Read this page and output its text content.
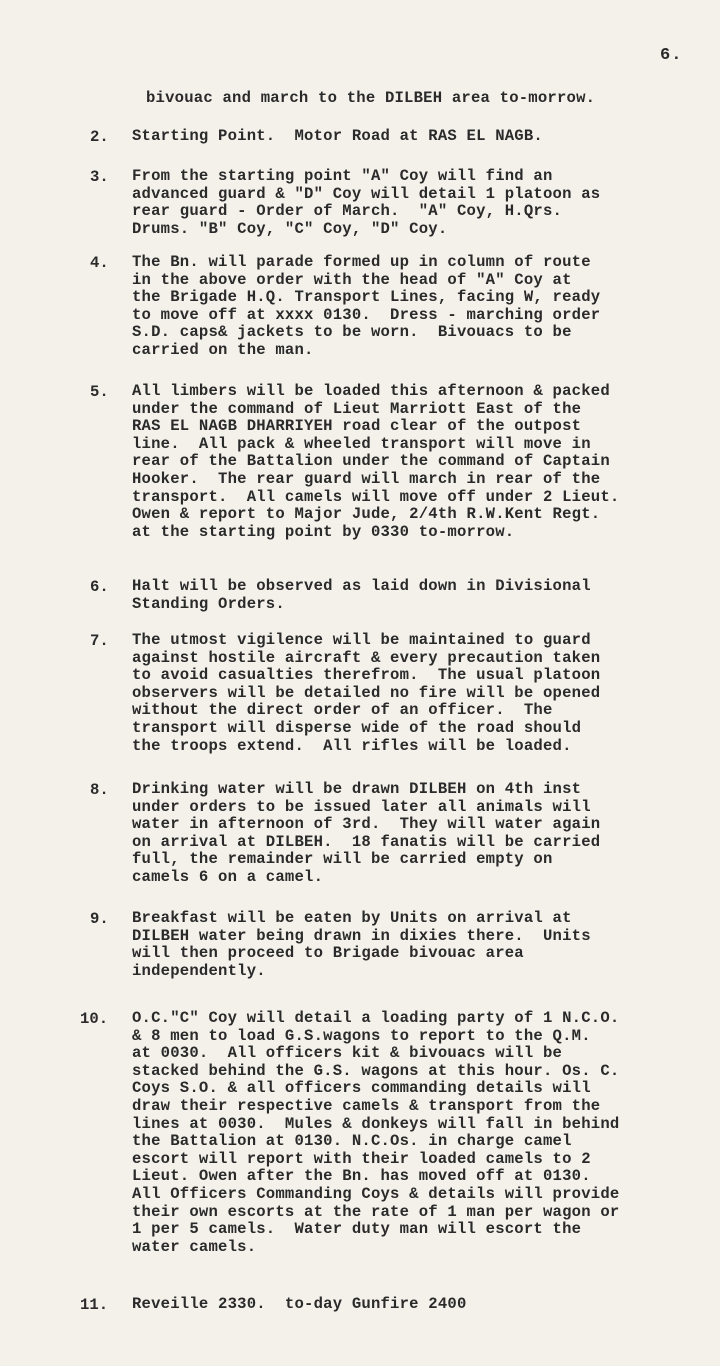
6.
bivouac and march to the DILBEH area to-morrow.
2. Starting Point.  Motor Road at RAS EL NAGB.
3. From the starting point "A" Coy will find an
advanced guard & "D" Coy will detail 1 platoon as
rear guard - Order of March.  "A" Coy, H.Qrs.
Drums. "B" Coy, "C" Coy, "D" Coy.
4. The Bn. will parade formed up in column of route
in the above order with the head of "A" Coy at
the Brigade H.Q. Transport Lines, facing W, ready
to move off at xxxx 0130.  Dress - marching order
S.D. caps& jackets to be worn.  Bivouacs to be
carried on the man.
5. All limbers will be loaded this afternoon & packed
under the command of Lieut Marriott East of the
RAS EL NAGB DHARRIYEH road clear of the outpost
line.  All pack & wheeled transport will move in
rear of the Battalion under the command of Captain
Hooker.  The rear guard will march in rear of the
transport.  All camels will move off under 2 Lieut.
Owen & report to Major Jude, 2/4th R.W.Kent Regt.
at the starting point by 0330 to-morrow.
6. Halt will be observed as laid down in Divisional
Standing Orders.
7. The utmost vigilence will be maintained to guard
against hostile aircraft & every precaution taken
to avoid casualties therefrom.  The usual platoon
observers will be detailed no fire will be opened
without the direct order of an officer.  The
transport will disperse wide of the road should
the troops extend.  All rifles will be loaded.
8. Drinking water will be drawn DILBEH on 4th inst
under orders to be issued later all animals will
water in afternoon of 3rd.  They will water again
on arrival at DILBEH.  18 fanatis will be carried
full, the remainder will be carried empty on
camels 6 on a camel.
9. Breakfast will be eaten by Units on arrival at
DILBEH water being drawn in dixies there.  Units
will then proceed to Brigade bivouac area
independently.
10. O.C."C" Coy will detail a loading party of 1 N.C.O.
& 8 men to load G.S.wagons to report to the Q.M.
at 0030.  All officers kit & bivouacs will be
stacked behind the G.S. wagons at this hour. Os. C.
Coys S.O. & all officers commanding details will
draw their respective camels & transport from the
lines at 0030.  Mules & donkeys will fall in behind
the Battalion at 0130. N.C.Os. in charge camel
escort will report with their loaded camels to 2
Lieut. Owen after the Bn. has moved off at 0130.
All Officers Commanding Coys & details will provide
their own escorts at the rate of 1 man per wagon or
1 per 5 camels.  Water duty man will escort the
water camels.
11. Reveille 2330.  to-day Gunfire 2400
